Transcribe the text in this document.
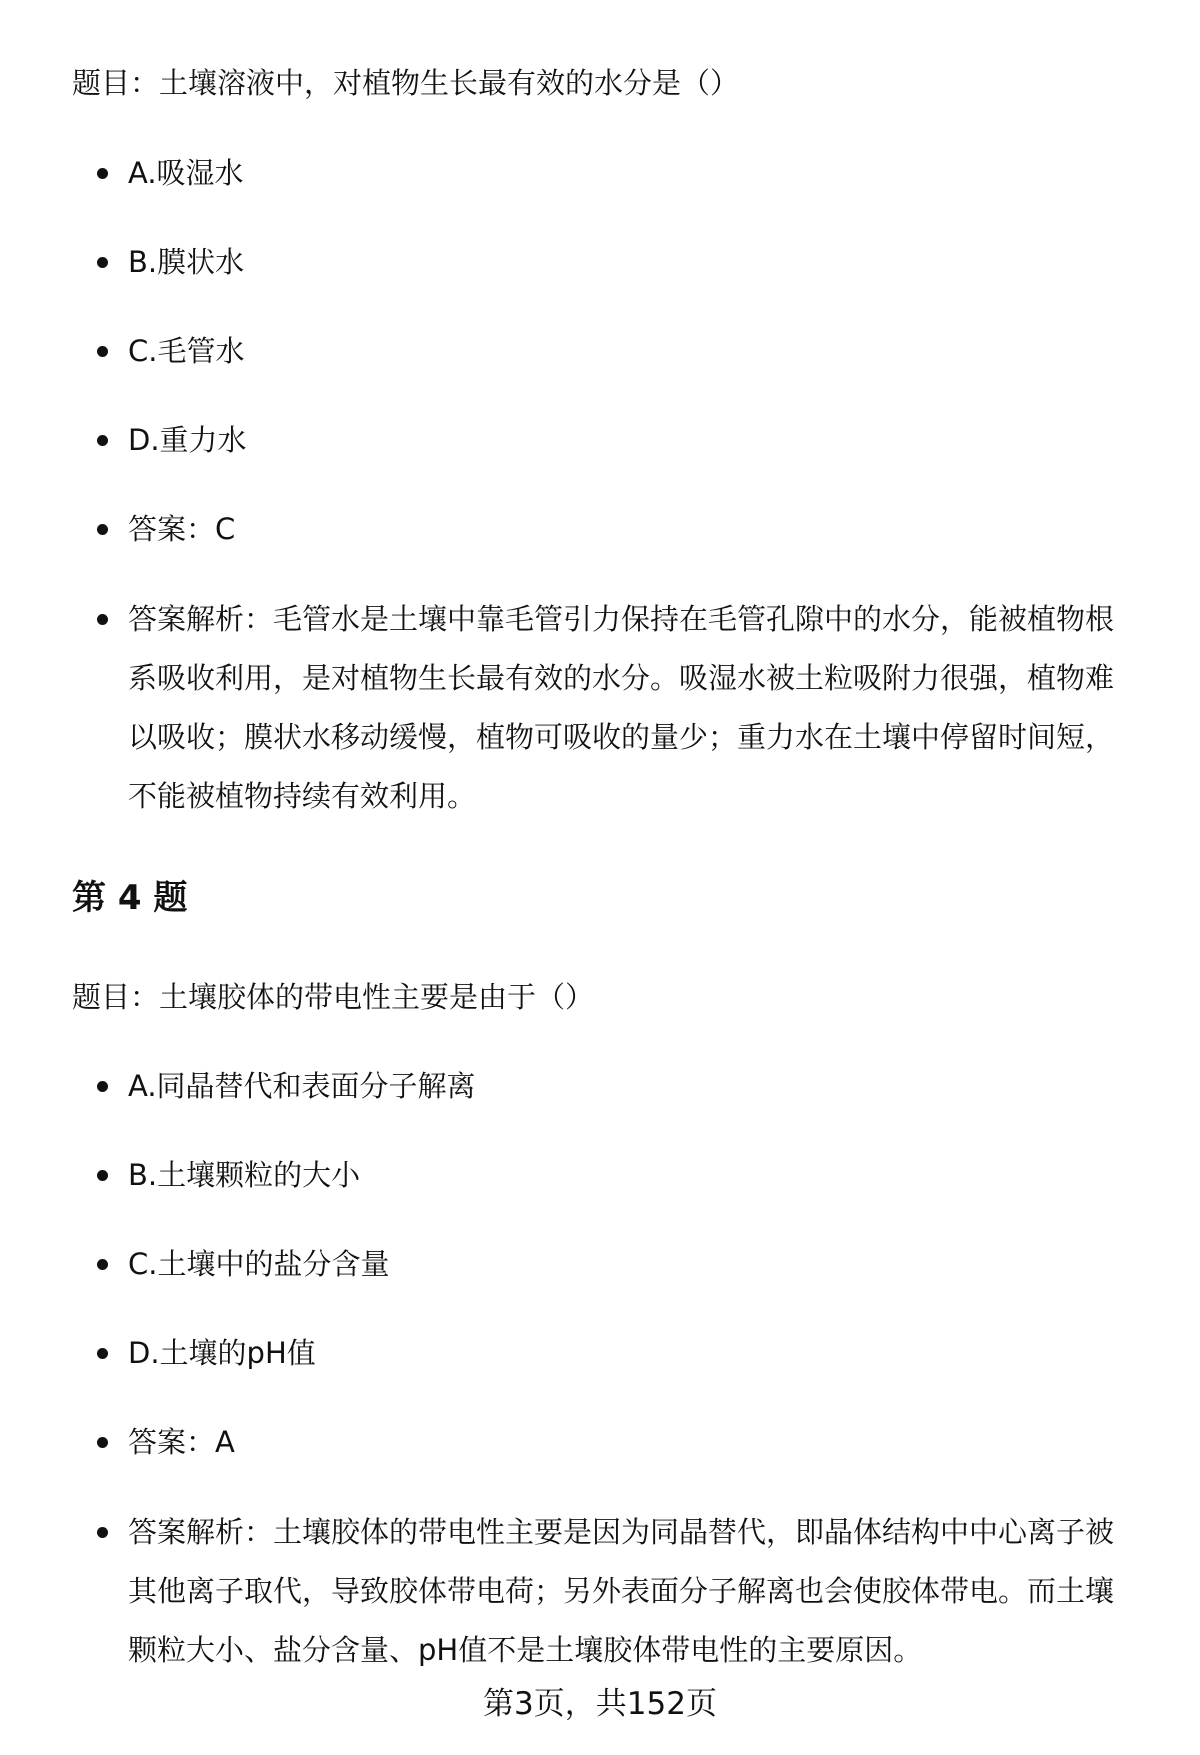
题目：土壤溶液中，对植物生长最有效的水分是（）
A.吸湿水
B.膜状水
C.毛管水
D.重力水
答案：C
答案解析：毛管水是土壤中靠毛管引力保持在毛管孔隙中的水分，能被植物根系吸收利用，是对植物生长最有效的水分。吸湿水被土粒吸附力很强，植物难以吸收；膜状水移动缓慢，植物可吸收的量少；重力水在土壤中停留时间短，不能被植物持续有效利用。
第 4 题
题目：土壤胶体的带电性主要是由于（）
A.同晶替代和表面分子解离
B.土壤颗粒的大小
C.土壤中的盐分含量
D.土壤的pH值
答案：A
答案解析：土壤胶体的带电性主要是因为同晶替代，即晶体结构中中心离子被其他离子取代，导致胶体带电荷；另外表面分子解离也会使胶体带电。而土壤颗粒大小、盐分含量、pH值不是土壤胶体带电性的主要原因。
第3页，共152页
